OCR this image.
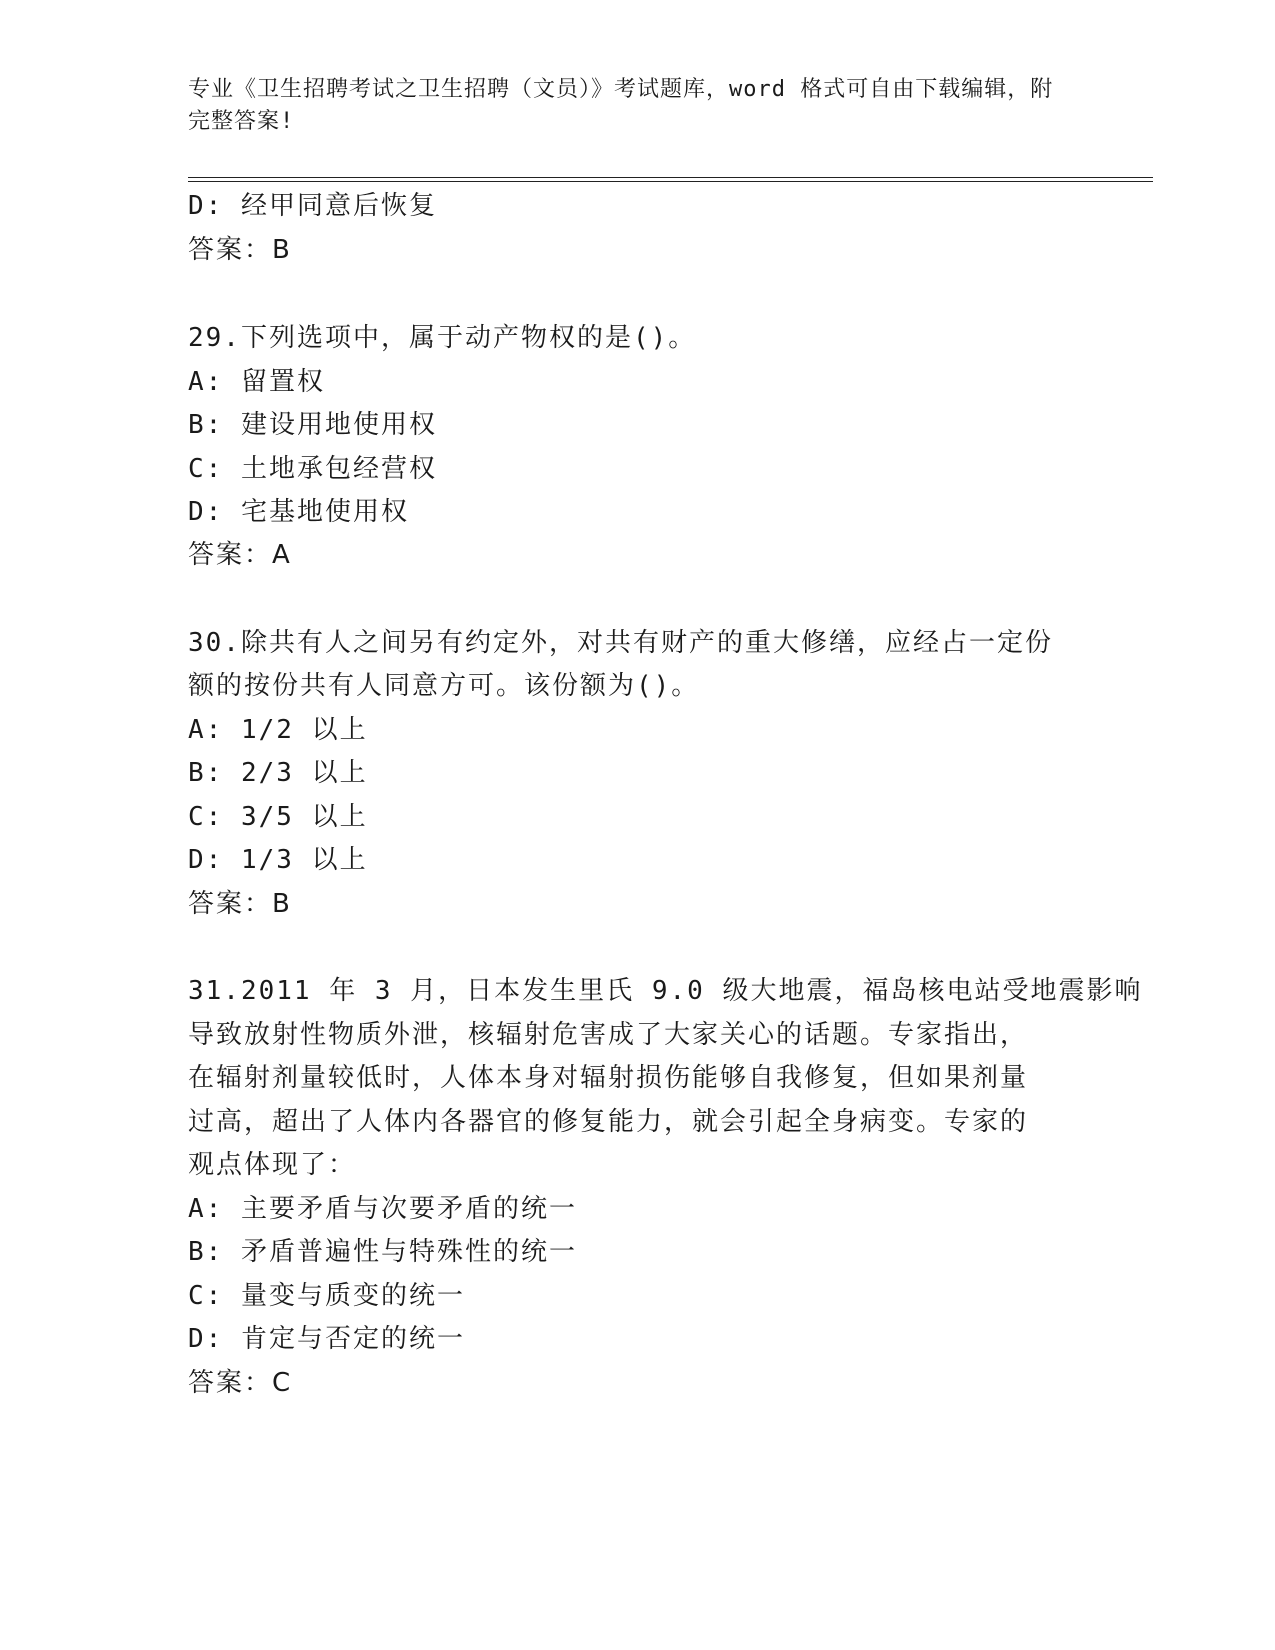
专业《卫生招聘考试之卫生招聘（文员）》考试题库，word 格式可自由下载编辑，附完整答案!
D: 经甲同意后恢复
答案：B
29.下列选项中，属于动产物权的是()。
A: 留置权
B: 建设用地使用权
C: 土地承包经营权
D: 宅基地使用权
答案：A
30.除共有人之间另有约定外，对共有财产的重大修缮，应经占一定份
额的按份共有人同意方可。该份额为()。
A: 1/2 以上
B: 2/3 以上
C: 3/5 以上
D: 1/3 以上
答案：B
31.2011 年 3 月，日本发生里氏 9.0 级大地震，福岛核电站受地震影响
导致放射性物质外泄，核辐射危害成了大家关心的话题。专家指出，
在辐射剂量较低时，人体本身对辐射损伤能够自我修复，但如果剂量
过高，超出了人体内各器官的修复能力，就会引起全身病变。专家的
观点体现了：
A: 主要矛盾与次要矛盾的统一
B: 矛盾普遍性与特殊性的统一
C: 量变与质变的统一
D: 肯定与否定的统一
答案：C
